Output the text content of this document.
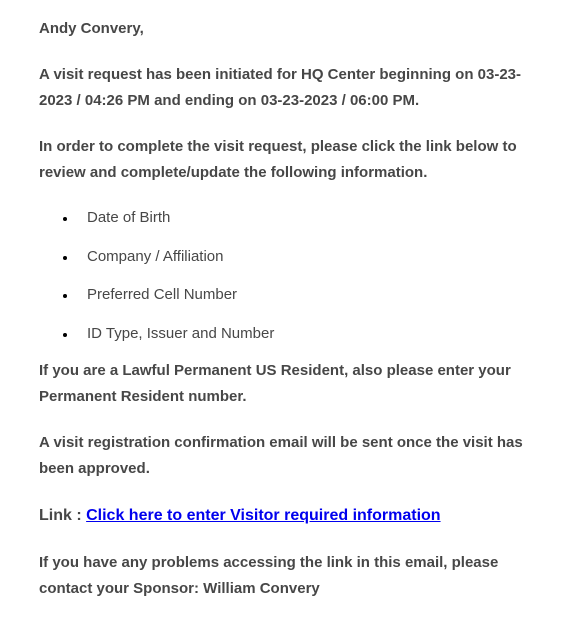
Andy Convery,

A visit request has been initiated for HQ Center beginning on 03-23-2023 / 04:26 PM and ending on 03-23-2023 / 06:00 PM.

In order to complete the visit request, please click the link below to review and complete/update the following information.

Date of Birth
Company / Affiliation
Preferred Cell Number
ID Type, Issuer and Number

If you are a Lawful Permanent US Resident, also please enter your Permanent Resident number.

A visit registration confirmation email will be sent once the visit has been approved.

Link : Click here to enter Visitor required information

If you have any problems accessing the link in this email, please contact your Sponsor: William Convery
